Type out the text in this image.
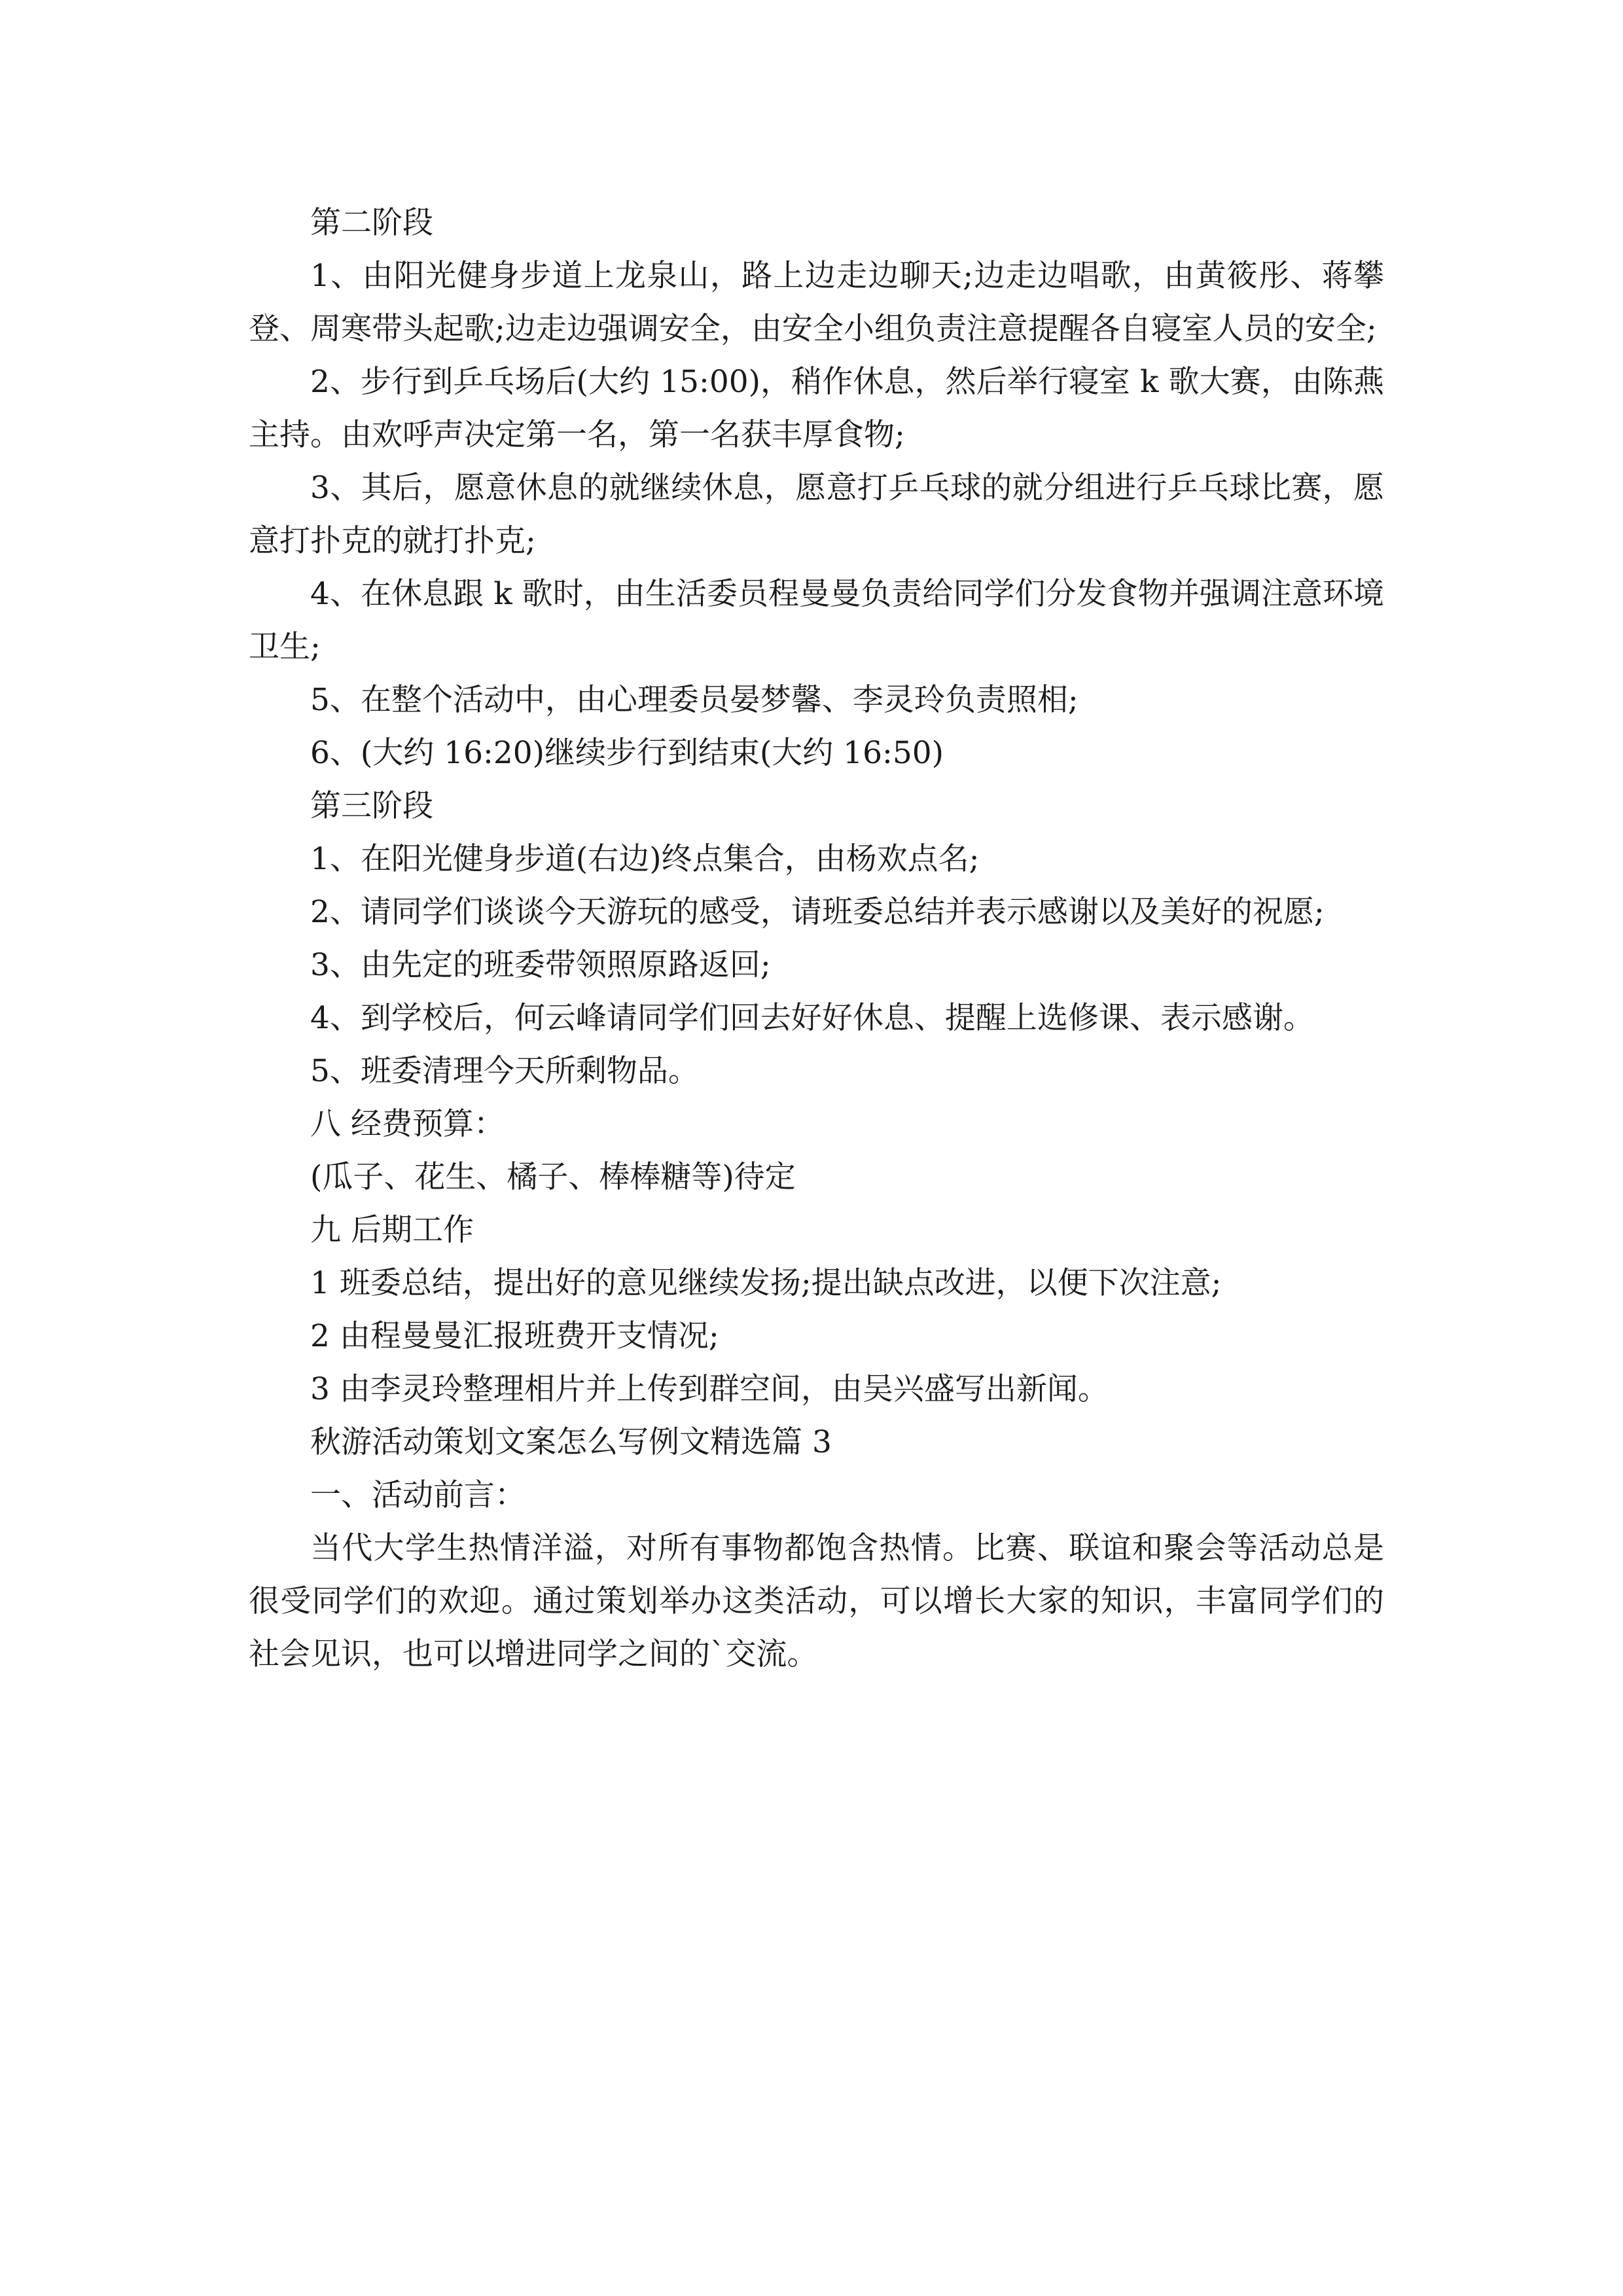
第二阶段

1、由阳光健身步道上龙泉山，路上边走边聊天;边走边唱歌，由黄筱彤、蒋攀登、周寒带头起歌;边走边强调安全，由安全小组负责注意提醒各自寝室人员的安全;

2、步行到乒乓场后(大约 15:00)，稍作休息，然后举行寝室 k 歌大赛，由陈燕主持。由欢呼声决定第一名，第一名获丰厚食物;

3、其后，愿意休息的就继续休息，愿意打乒乓球的就分组进行乒乓球比赛，愿意打扑克的就打扑克;

4、在休息跟 k 歌时，由生活委员程曼曼负责给同学们分发食物并强调注意环境卫生;

5、在整个活动中，由心理委员晏梦馨、李灵玲负责照相;

6、(大约 16:20)继续步行到结束(大约 16:50)

第三阶段

1、在阳光健身步道(右边)终点集合，由杨欢点名;

2、请同学们谈谈今天游玩的感受，请班委总结并表示感谢以及美好的祝愿;

3、由先定的班委带领照原路返回;

4、到学校后，何云峰请同学们回去好好休息、提醒上选修课、表示感谢。

5、班委清理今天所剩物品。

八 经费预算：

(瓜子、花生、橘子、棒棒糖等)待定

九 后期工作

1 班委总结，提出好的意见继续发扬;提出缺点改进，以便下次注意;

2 由程曼曼汇报班费开支情况;

3 由李灵玲整理相片并上传到群空间，由吴兴盛写出新闻。

秋游活动策划文案怎么写例文精选篇 3

一、活动前言：

当代大学生热情洋溢，对所有事物都饱含热情。比赛、联谊和聚会等活动总是很受同学们的欢迎。通过策划举办这类活动，可以增长大家的知识，丰富同学们的社会见识，也可以增进同学之间的`交流。
